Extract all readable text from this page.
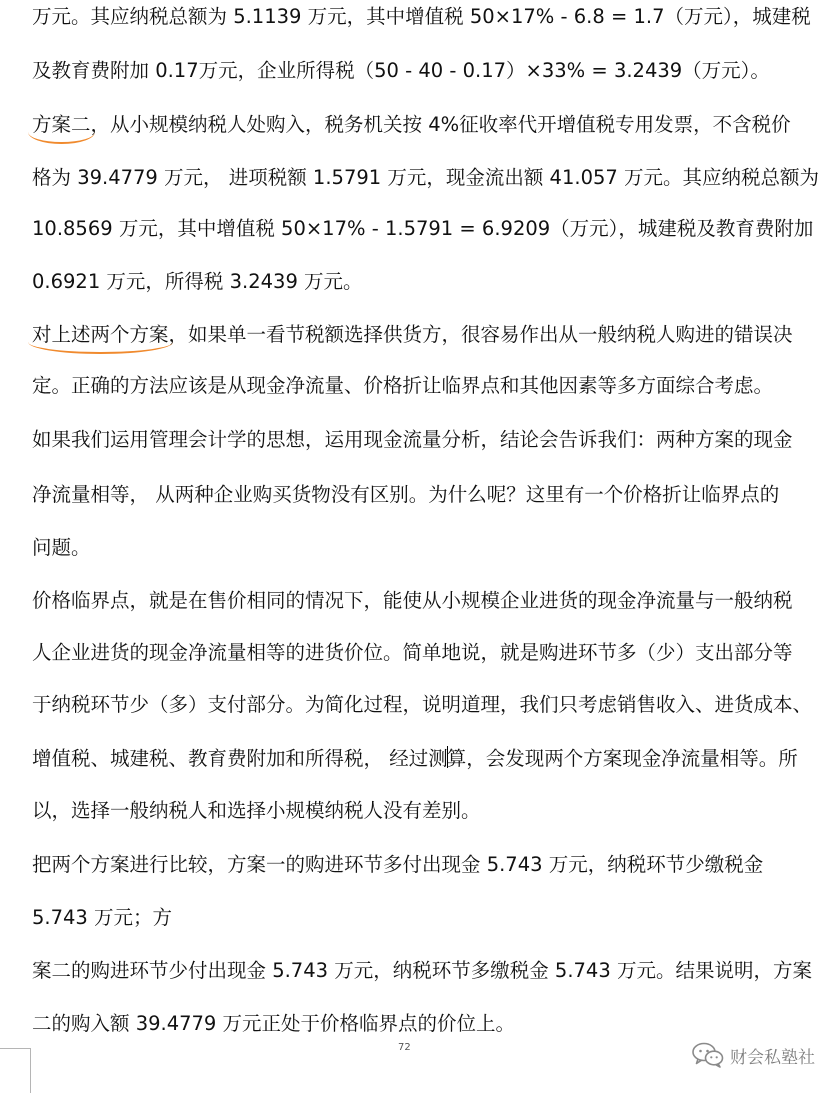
万元。其应纳税总额为 5.1139 万元，其中增值税 50×17% - 6.8 = 1.7（万元），城建税
及教育费附加 0.17万元，企业所得税（50 - 40 - 0.17）×33% = 3.2439（万元）。
方案二，从小规模纳税人处购入，税务机关按 4%征收率代开增值税专用发票，不含税价
格为 39.4779 万元， 进项税额 1.5791 万元，现金流出额 41.057 万元。其应纳税总额为
10.8569 万元，其中增值税 50×17% - 1.5791 = 6.9209（万元），城建税及教育费附加
0.6921 万元，所得税 3.2439 万元。
对上述两个方案，如果单一看节税额选择供货方，很容易作出从一般纳税人购进的错误决
定。正确的方法应该是从现金净流量、价格折让临界点和其他因素等多方面综合考虑。
如果我们运用管理会计学的思想，运用现金流量分析，结论会告诉我们：两种方案的现金
净流量相等， 从两种企业购买货物没有区别。为什么呢？这里有一个价格折让临界点的
问题。
价格临界点，就是在售价相同的情况下，能使从小规模企业进货的现金净流量与一般纳税
人企业进货的现金净流量相等的进货价位。简单地说，就是购进环节多（少）支出部分等
于纳税环节少（多）支付部分。为简化过程，说明道理，我们只考虑销售收入、进货成本、
增值税、城建税、教育费附加和所得税， 经过测算，会发现两个方案现金净流量相等。所
以，选择一般纳税人和选择小规模纳税人没有差别。
把两个方案进行比较，方案一的购进环节多付出现金 5.743 万元，纳税环节少缴税金
5.743 万元；方
案二的购进环节少付出现金 5.743 万元，纳税环节多缴税金 5.743 万元。结果说明，方案
二的购入额 39.4779 万元正处于价格临界点的价位上。
72	财会私塾社
